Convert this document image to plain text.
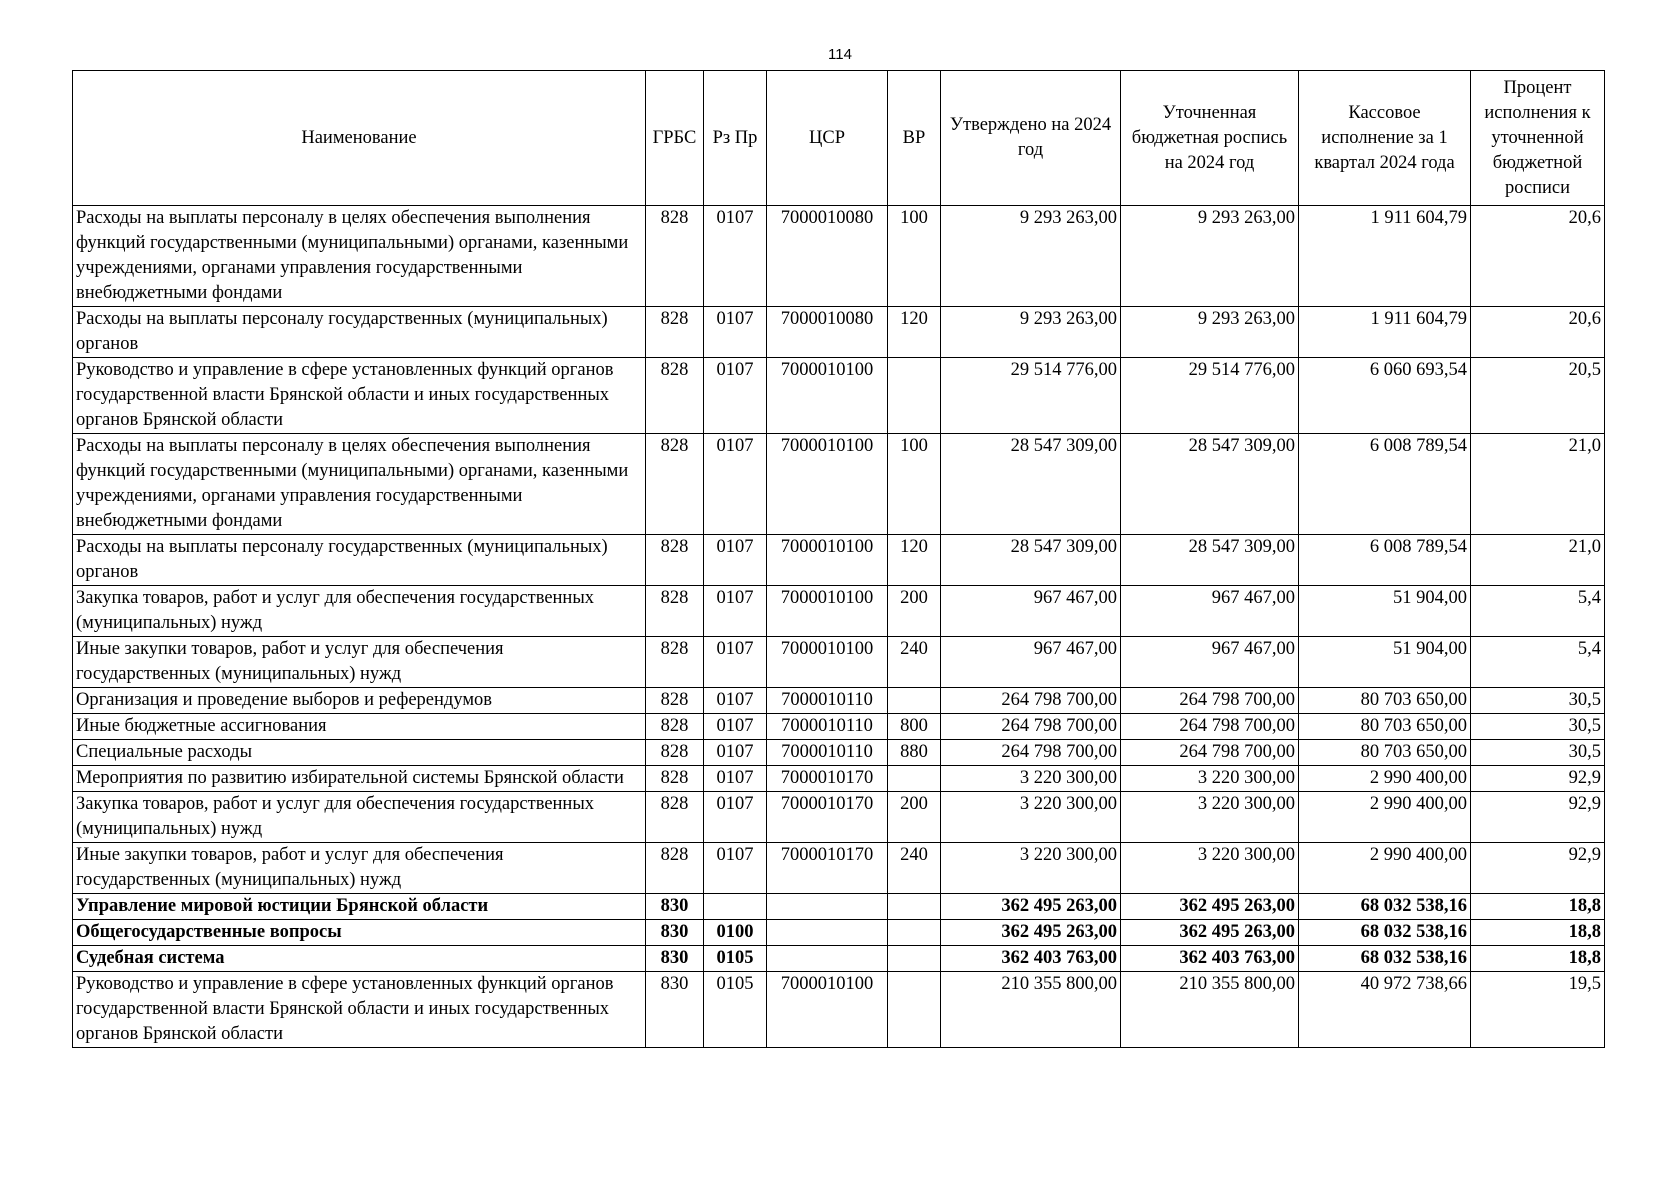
114
Наименование	ГРБС	Рз Пр	ЦСР	ВР	Утверждено на 2024 год	Уточненная бюджетная роспись на 2024 год	Кассовое исполнение за 1 квартал 2024 года	Процент исполнения к уточненной бюджетной росписи
Расходы на выплаты персоналу в целях обеспечения выполнения функций государственными (муниципальными) органами, казенными учреждениями, органами управления государственными внебюджетными фондами	828	0107	7000010080	100	9 293 263,00	9 293 263,00	1 911 604,79	20,6
Расходы на выплаты персоналу государственных (муниципальных) органов	828	0107	7000010080	120	9 293 263,00	9 293 263,00	1 911 604,79	20,6
Руководство и управление в сфере установленных функций органов государственной власти Брянской области и иных государственных органов Брянской области	828	0107	7000010100		29 514 776,00	29 514 776,00	6 060 693,54	20,5
Расходы на выплаты персоналу в целях обеспечения выполнения функций государственными (муниципальными) органами, казенными учреждениями, органами управления государственными внебюджетными фондами	828	0107	7000010100	100	28 547 309,00	28 547 309,00	6 008 789,54	21,0
Расходы на выплаты персоналу государственных (муниципальных) органов	828	0107	7000010100	120	28 547 309,00	28 547 309,00	6 008 789,54	21,0
Закупка товаров, работ и услуг для обеспечения государственных (муниципальных) нужд	828	0107	7000010100	200	967 467,00	967 467,00	51 904,00	5,4
Иные закупки товаров, работ и услуг для обеспечения государственных (муниципальных) нужд	828	0107	7000010100	240	967 467,00	967 467,00	51 904,00	5,4
Организация и проведение выборов и референдумов	828	0107	7000010110		264 798 700,00	264 798 700,00	80 703 650,00	30,5
Иные бюджетные ассигнования	828	0107	7000010110	800	264 798 700,00	264 798 700,00	80 703 650,00	30,5
Специальные расходы	828	0107	7000010110	880	264 798 700,00	264 798 700,00	80 703 650,00	30,5
Мероприятия по развитию избирательной системы Брянской области	828	0107	7000010170		3 220 300,00	3 220 300,00	2 990 400,00	92,9
Закупка товаров, работ и услуг для обеспечения государственных (муниципальных) нужд	828	0107	7000010170	200	3 220 300,00	3 220 300,00	2 990 400,00	92,9
Иные закупки товаров, работ и услуг для обеспечения государственных (муниципальных) нужд	828	0107	7000010170	240	3 220 300,00	3 220 300,00	2 990 400,00	92,9
Управление мировой юстиции Брянской области	830				362 495 263,00	362 495 263,00	68 032 538,16	18,8
Общегосударственные вопросы	830	0100			362 495 263,00	362 495 263,00	68 032 538,16	18,8
Судебная система	830	0105			362 403 763,00	362 403 763,00	68 032 538,16	18,8
Руководство и управление в сфере установленных функций органов государственной власти Брянской области и иных государственных органов Брянской области	830	0105	7000010100		210 355 800,00	210 355 800,00	40 972 738,66	19,5
